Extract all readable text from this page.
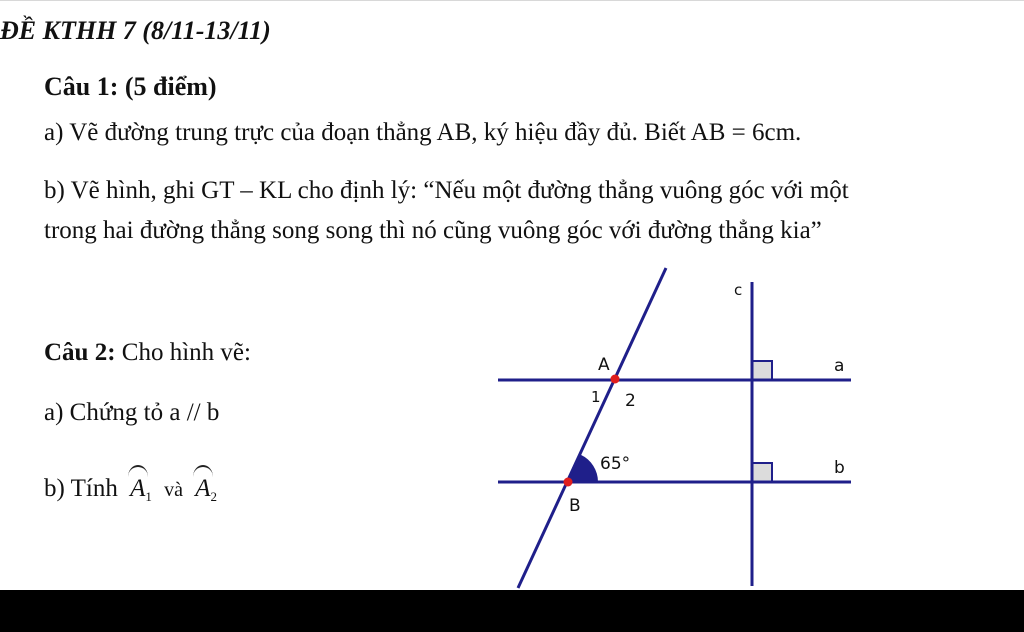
ĐỀ KTHH 7 (8/11-13/11)
Câu 1: (5 điểm)
a) Vẽ đường trung trực của đoạn thẳng AB, ký hiệu đầy đủ. Biết AB = 6cm.
b) Vẽ hình, ghi GT – KL cho định lý: “Nếu một đường thẳng vuông góc với một
trong hai đường thẳng song song thì nó cũng vuông góc với đường thẳng kia”
Câu 2: Cho hình vẽ:
a) Chứng tỏ a // b
b) Tính $A_1$ và $A_2$
c
a
b
A
B
1 2
65°
